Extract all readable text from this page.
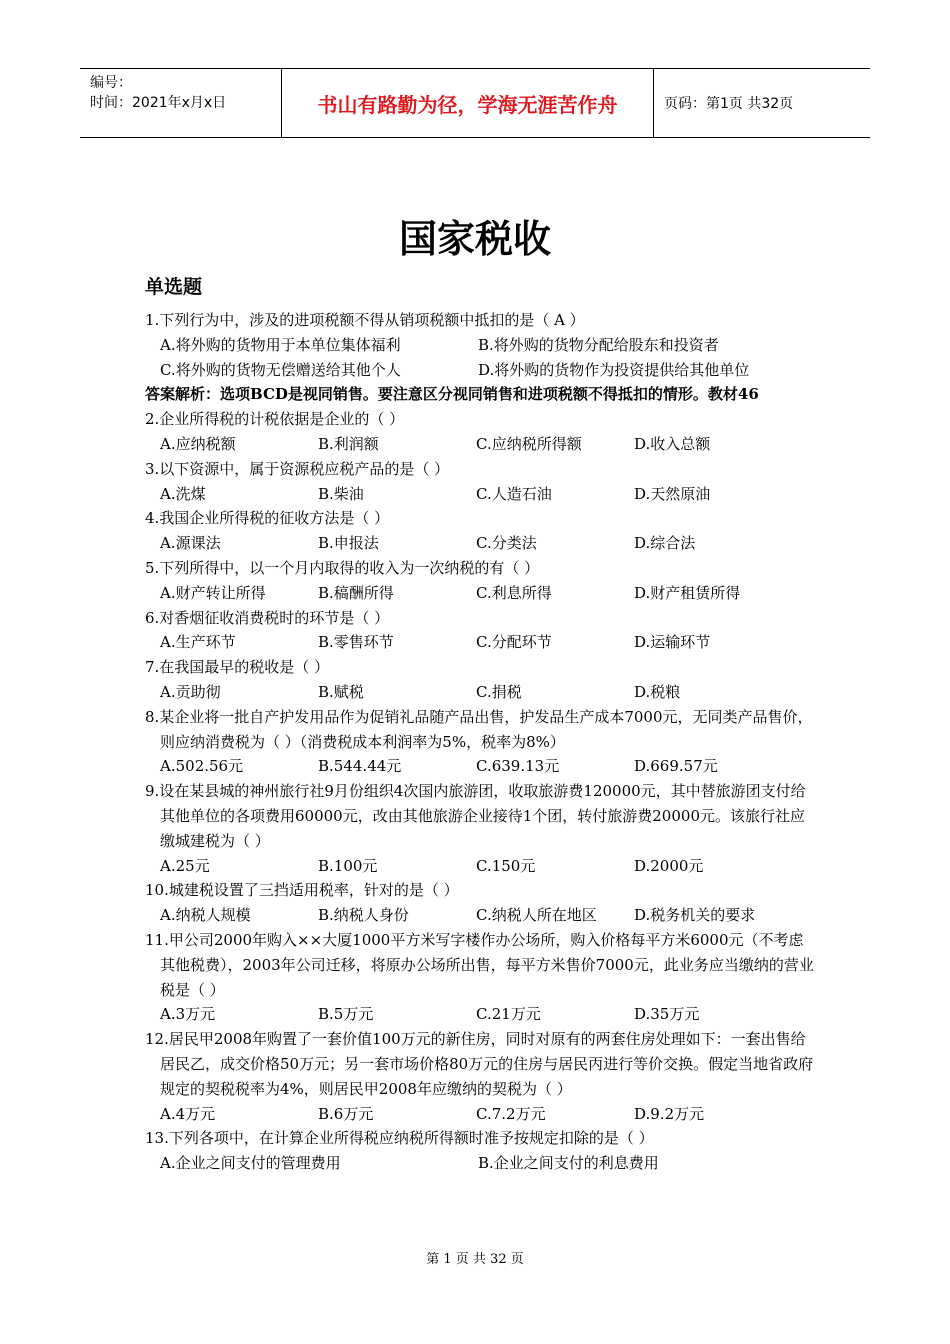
编号：
时间：2021年x月x日	书山有路勤为径，学海无涯苦作舟	页码：第1页 共32页
国家税收
单选题
1.下列行为中，涉及的进项税额不得从销项税额中抵扣的是（ A ）
A.将外购的货物用于本单位集体福利	B.将外购的货物分配给股东和投资者
C.将外购的货物无偿赠送给其他个人	D.将外购的货物作为投资提供给其他单位
答案解析：选项BCD是视同销售。要注意区分视同销售和进项税额不得抵扣的情形。教材46
2.企业所得税的计税依据是企业的（ ）
A.应纳税额	B.利润额	C.应纳税所得额	D.收入总额
3.以下资源中，属于资源税应税产品的是（ ）
A.洗煤	B.柴油	C.人造石油	D.天然原油
4.我国企业所得税的征收方法是（ ）
A.源课法	B.申报法	C.分类法	D.综合法
5.下列所得中，以一个月内取得的收入为一次纳税的有（ ）
A.财产转让所得	B.稿酬所得	C.利息所得	D.财产租赁所得
6.对香烟征收消费税时的环节是（ ）
A.生产环节	B.零售环节	C.分配环节	D.运输环节
7.在我国最早的税收是（ ）
A.贡助彻	B.赋税	C.捐税	D.税粮
8.某企业将一批自产护发用品作为促销礼品随产品出售，护发品生产成本7000元，无同类产品售价，则应纳消费税为（ ）（消费税成本利润率为5%，税率为8%）
A.502.56元	B.544.44元	C.639.13元	D.669.57元
9.设在某县城的神州旅行社9月份组织4次国内旅游团，收取旅游费120000元，其中替旅游团支付给其他单位的各项费用60000元，改由其他旅游企业接待1个团，转付旅游费20000元。该旅行社应缴城建税为（ ）
A.25元	B.100元	C.150元	D.2000元
10.城建税设置了三挡适用税率，针对的是（ ）
A.纳税人规模	B.纳税人身份	C.纳税人所在地区	D.税务机关的要求
11.甲公司2000年购入××大厦1000平方米写字楼作办公场所，购入价格每平方米6000元（不考虑其他税费），2003年公司迁移，将原办公场所出售，每平方米售价7000元，此业务应当缴纳的营业税是（ ）
A.3万元	B.5万元	C.21万元	D.35万元
12.居民甲2008年购置了一套价值100万元的新住房，同时对原有的两套住房处理如下：一套出售给居民乙，成交价格50万元；另一套市场价格80万元的住房与居民丙进行等价交换。假定当地省政府规定的契税税率为4%，则居民甲2008年应缴纳的契税为（ ）
A.4万元	B.6万元	C.7.2万元	D.9.2万元
13.下列各项中，在计算企业所得税应纳税所得额时准予按规定扣除的是（ ）
A.企业之间支付的管理费用	B.企业之间支付的利息费用
第 1 页 共 32 页
